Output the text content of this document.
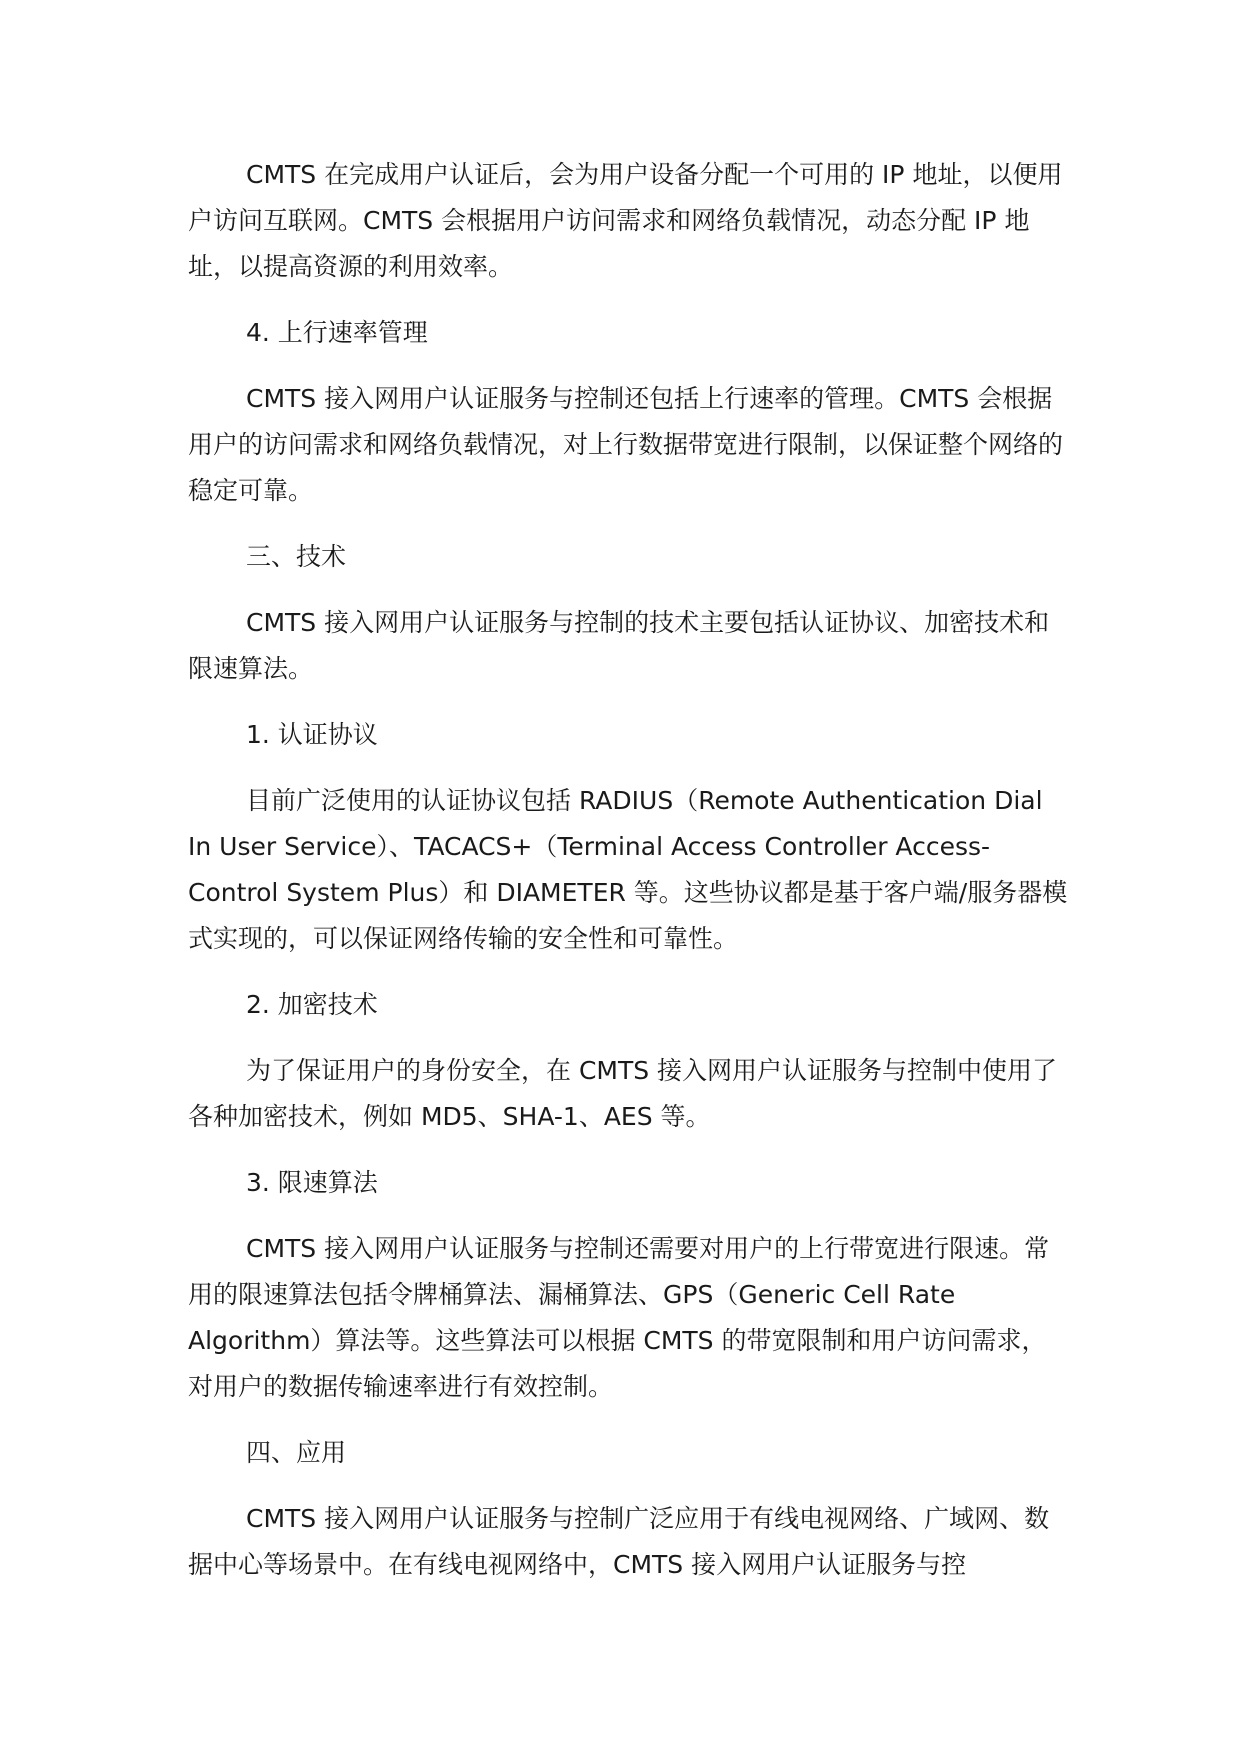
CMTS 在完成用户认证后，会为用户设备分配一个可用的 IP 地址，以便用户访问互联网。CMTS 会根据用户访问需求和网络负载情况，动态分配 IP 地址，以提高资源的利用效率。

4. 上行速率管理

CMTS 接入网用户认证服务与控制还包括上行速率的管理。CMTS 会根据用户的访问需求和网络负载情况，对上行数据带宽进行限制，以保证整个网络的稳定可靠。

三、技术

CMTS 接入网用户认证服务与控制的技术主要包括认证协议、加密技术和限速算法。

1. 认证协议

目前广泛使用的认证协议包括 RADIUS（Remote Authentication Dial In User Service）、TACACS+（Terminal Access Controller Access-Control System Plus）和 DIAMETER 等。这些协议都是基于客户端/服务器模式实现的，可以保证网络传输的安全性和可靠性。

2. 加密技术

为了保证用户的身份安全，在 CMTS 接入网用户认证服务与控制中使用了各种加密技术，例如 MD5、SHA-1、AES 等。

3. 限速算法

CMTS 接入网用户认证服务与控制还需要对用户的上行带宽进行限速。常用的限速算法包括令牌桶算法、漏桶算法、GPS（Generic Cell Rate Algorithm）算法等。这些算法可以根据 CMTS 的带宽限制和用户访问需求，对用户的数据传输速率进行有效控制。

四、应用

CMTS 接入网用户认证服务与控制广泛应用于有线电视网络、广域网、数据中心等场景中。在有线电视网络中，CMTS 接入网用户认证服务与控
